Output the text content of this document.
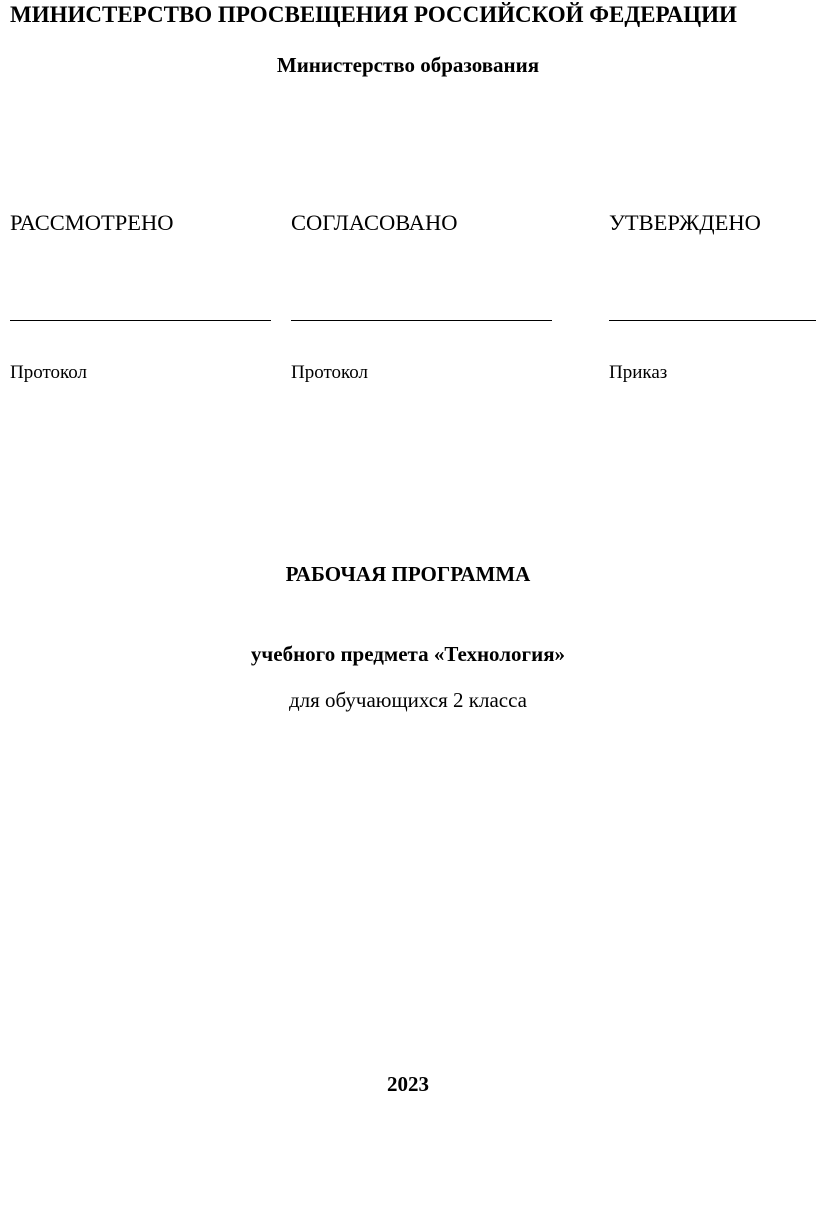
МИНИСТЕРСТВО ПРОСВЕЩЕНИЯ РОССИЙСКОЙ ФЕДЕРАЦИИ
Министерство образования
РАССМОТРЕНО	СОГЛАСОВАНО	УТВЕРЖДЕНО
Протокол	Протокол	Приказ
РАБОЧАЯ ПРОГРАММА
учебного предмета «Технология»
для обучающихся 2 класса
2023
